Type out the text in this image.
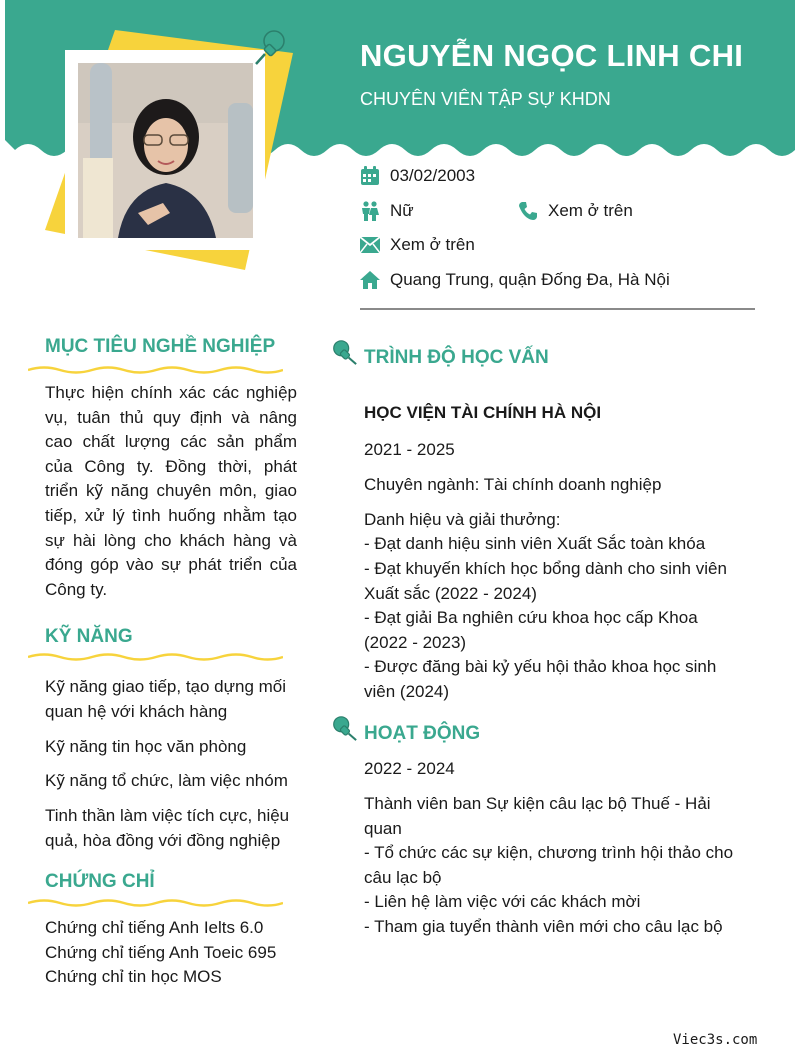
NGUYỄN NGỌC LINH CHI
CHUYÊN VIÊN TẬP SỰ KHDN
03/02/2003
Nữ	Xem ở trên
Xem ở trên
Quang Trung, quận Đống Đa, Hà Nội
MỤC TIÊU NGHỀ NGHIỆP
Thực hiện chính xác các nghiệp vụ, tuân thủ quy định và nâng cao chất lượng các sản phẩm của Công ty. Đồng thời, phát triển kỹ năng chuyên môn, giao tiếp, xử lý tình huống nhằm tạo sự hài lòng cho khách hàng và đóng góp vào sự phát triển của Công ty.
KỸ NĂNG
Kỹ năng giao tiếp, tạo dựng mối quan hệ với khách hàng
Kỹ năng tin học văn phòng
Kỹ năng tổ chức, làm việc nhóm
Tinh thần làm việc tích cực, hiệu quả, hòa đồng với đồng nghiệp
CHỨNG CHỈ
Chứng chỉ tiếng Anh Ielts 6.0
Chứng chỉ tiếng Anh Toeic 695
Chứng chỉ tin học MOS
TRÌNH ĐỘ HỌC VẤN
HỌC VIỆN TÀI CHÍNH HÀ NỘI
2021 - 2025
Chuyên ngành: Tài chính doanh nghiệp
Danh hiệu và giải thưởng:
- Đạt danh hiệu sinh viên Xuất Sắc toàn khóa
- Đạt khuyến khích học bổng dành cho sinh viên Xuất sắc (2022 - 2024)
- Đạt giải Ba nghiên cứu khoa học cấp Khoa (2022 - 2023)
- Được đăng bài kỷ yếu hội thảo khoa học sinh viên (2024)
HOẠT ĐỘNG
2022 - 2024
Thành viên ban Sự kiện câu lạc bộ Thuế - Hải quan
- Tổ chức các sự kiện, chương trình hội thảo cho câu lạc bộ
- Liên hệ làm việc với các khách mời
- Tham gia tuyển thành viên mới cho câu lạc bộ
Viec3s.com
